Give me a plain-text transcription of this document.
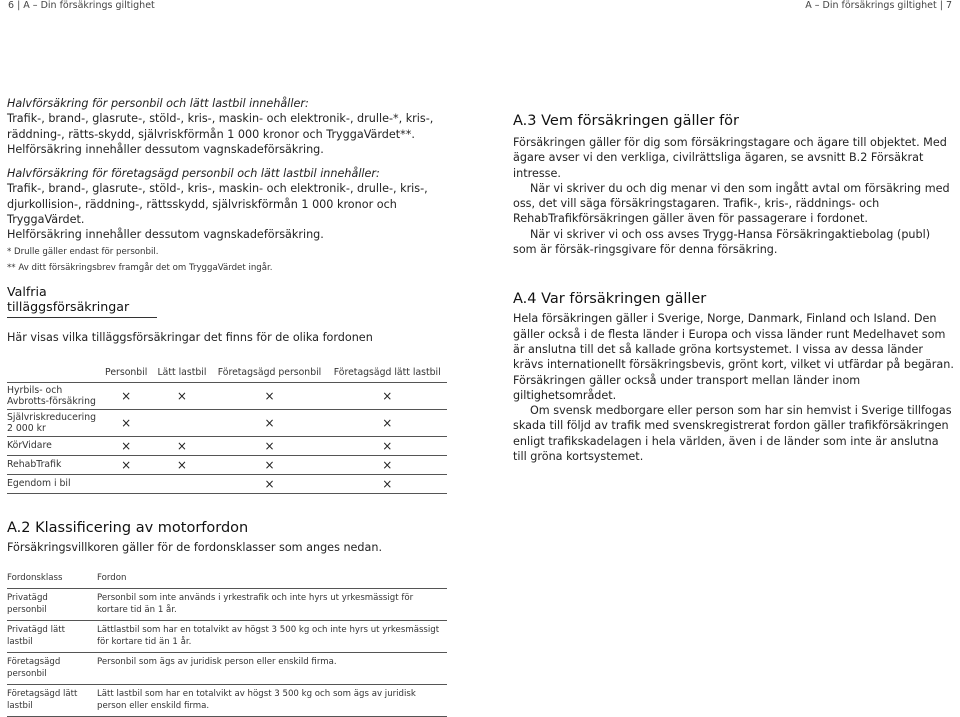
6 | A – Din försäkrings giltighet	A – Din försäkrings giltighet | 7

Halvförsäkring för personbil och lätt lastbil innehåller:

Trafik-, brand-, glasrute-, stöld-, kris-, maskin- och elektronik-, drulle-*, kris-, räddning-, rätts-skydd, självriskförmån 1 000 kronor och TryggaVärdet**.

Helförsäkring innehåller dessutom vagnskadeförsäkring.

Halvförsäkring för företagsägd personbil och lätt lastbil innehåller:

Trafik-, brand-, glasrute-, stöld-, kris-, maskin- och elektronik-, drulle-, kris-, djurkollision-, räddning-, rättsskydd, självriskförmån 1 000 kronor och TryggaVärdet.

Helförsäkring innehåller dessutom vagnskadeförsäkring.

* Drulle gäller endast för personbil.

** Av ditt försäkringsbrev framgår det om TryggaVärdet ingår.

Valfria tilläggsförsäkringar

Här visas vilka tilläggsförsäkringar det finns för de olika fordonen

	Personbil	Lätt lastbil	Företagsägd personbil	Företagsägd lätt lastbil
Hyrbils- och Avbrotts-försäkring	×	×	×	×
Självriskreducering 2 000 kr	×		×	×
KörVidare	×	×	×	×
RehabTrafik	×	×	×	×
Egendom i bil			×	×

A.2 Klassificering av motorfordon

Försäkringsvillkoren gäller för de fordonsklasser som anges nedan.

Fordonsklass	Fordon
Privatägd personbil	Personbil som inte används i yrkestrafik och inte hyrs ut yrkesmässigt för kortare tid än 1 år.
Privatägd lätt lastbil	Lättlastbil som har en totalvikt av högst 3 500 kg och inte hyrs ut yrkesmässigt för kortare tid än 1 år.
Företagsägd personbil	Personbil som ägs av juridisk person eller enskild firma.
Företagsägd lätt lastbil	Lätt lastbil som har en totalvikt av högst 3 500 kg och som ägs av juridisk person eller enskild firma.

A.3 Vem försäkringen gäller för

Försäkringen gäller för dig som försäkringstagare och ägare till objektet. Med ägare avser vi den verkliga, civilrättsliga ägaren, se avsnitt B.2 Försäkrat intresse.

När vi skriver du och dig menar vi den som ingått avtal om försäkring med oss, det vill säga försäkringstagaren. Trafik-, kris-, räddnings- och RehabTrafikförsäkringen gäller även för passagerare i fordonet.

När vi skriver vi och oss avses Trygg-Hansa Försäkringaktiebolag (publ) som är försäk-ringsgivare för denna försäkring.

A.4 Var försäkringen gäller

Hela försäkringen gäller i Sverige, Norge, Danmark, Finland och Island. Den gäller också i de flesta länder i Europa och vissa länder runt Medelhavet som är anslutna till det så kallade gröna kortsystemet. I vissa av dessa länder krävs internationellt försäkringsbevis, grönt kort, vilket vi utfärdar på begäran. Försäkringen gäller också under transport mellan länder inom giltighetsområdet.

Om svensk medborgare eller person som har sin hemvist i Sverige tillfogas skada till följd av trafik med svenskregistrerat fordon gäller trafikförsäkringen enligt trafikskadelagen i hela världen, även i de länder som inte är anslutna till gröna kortsystemet.
